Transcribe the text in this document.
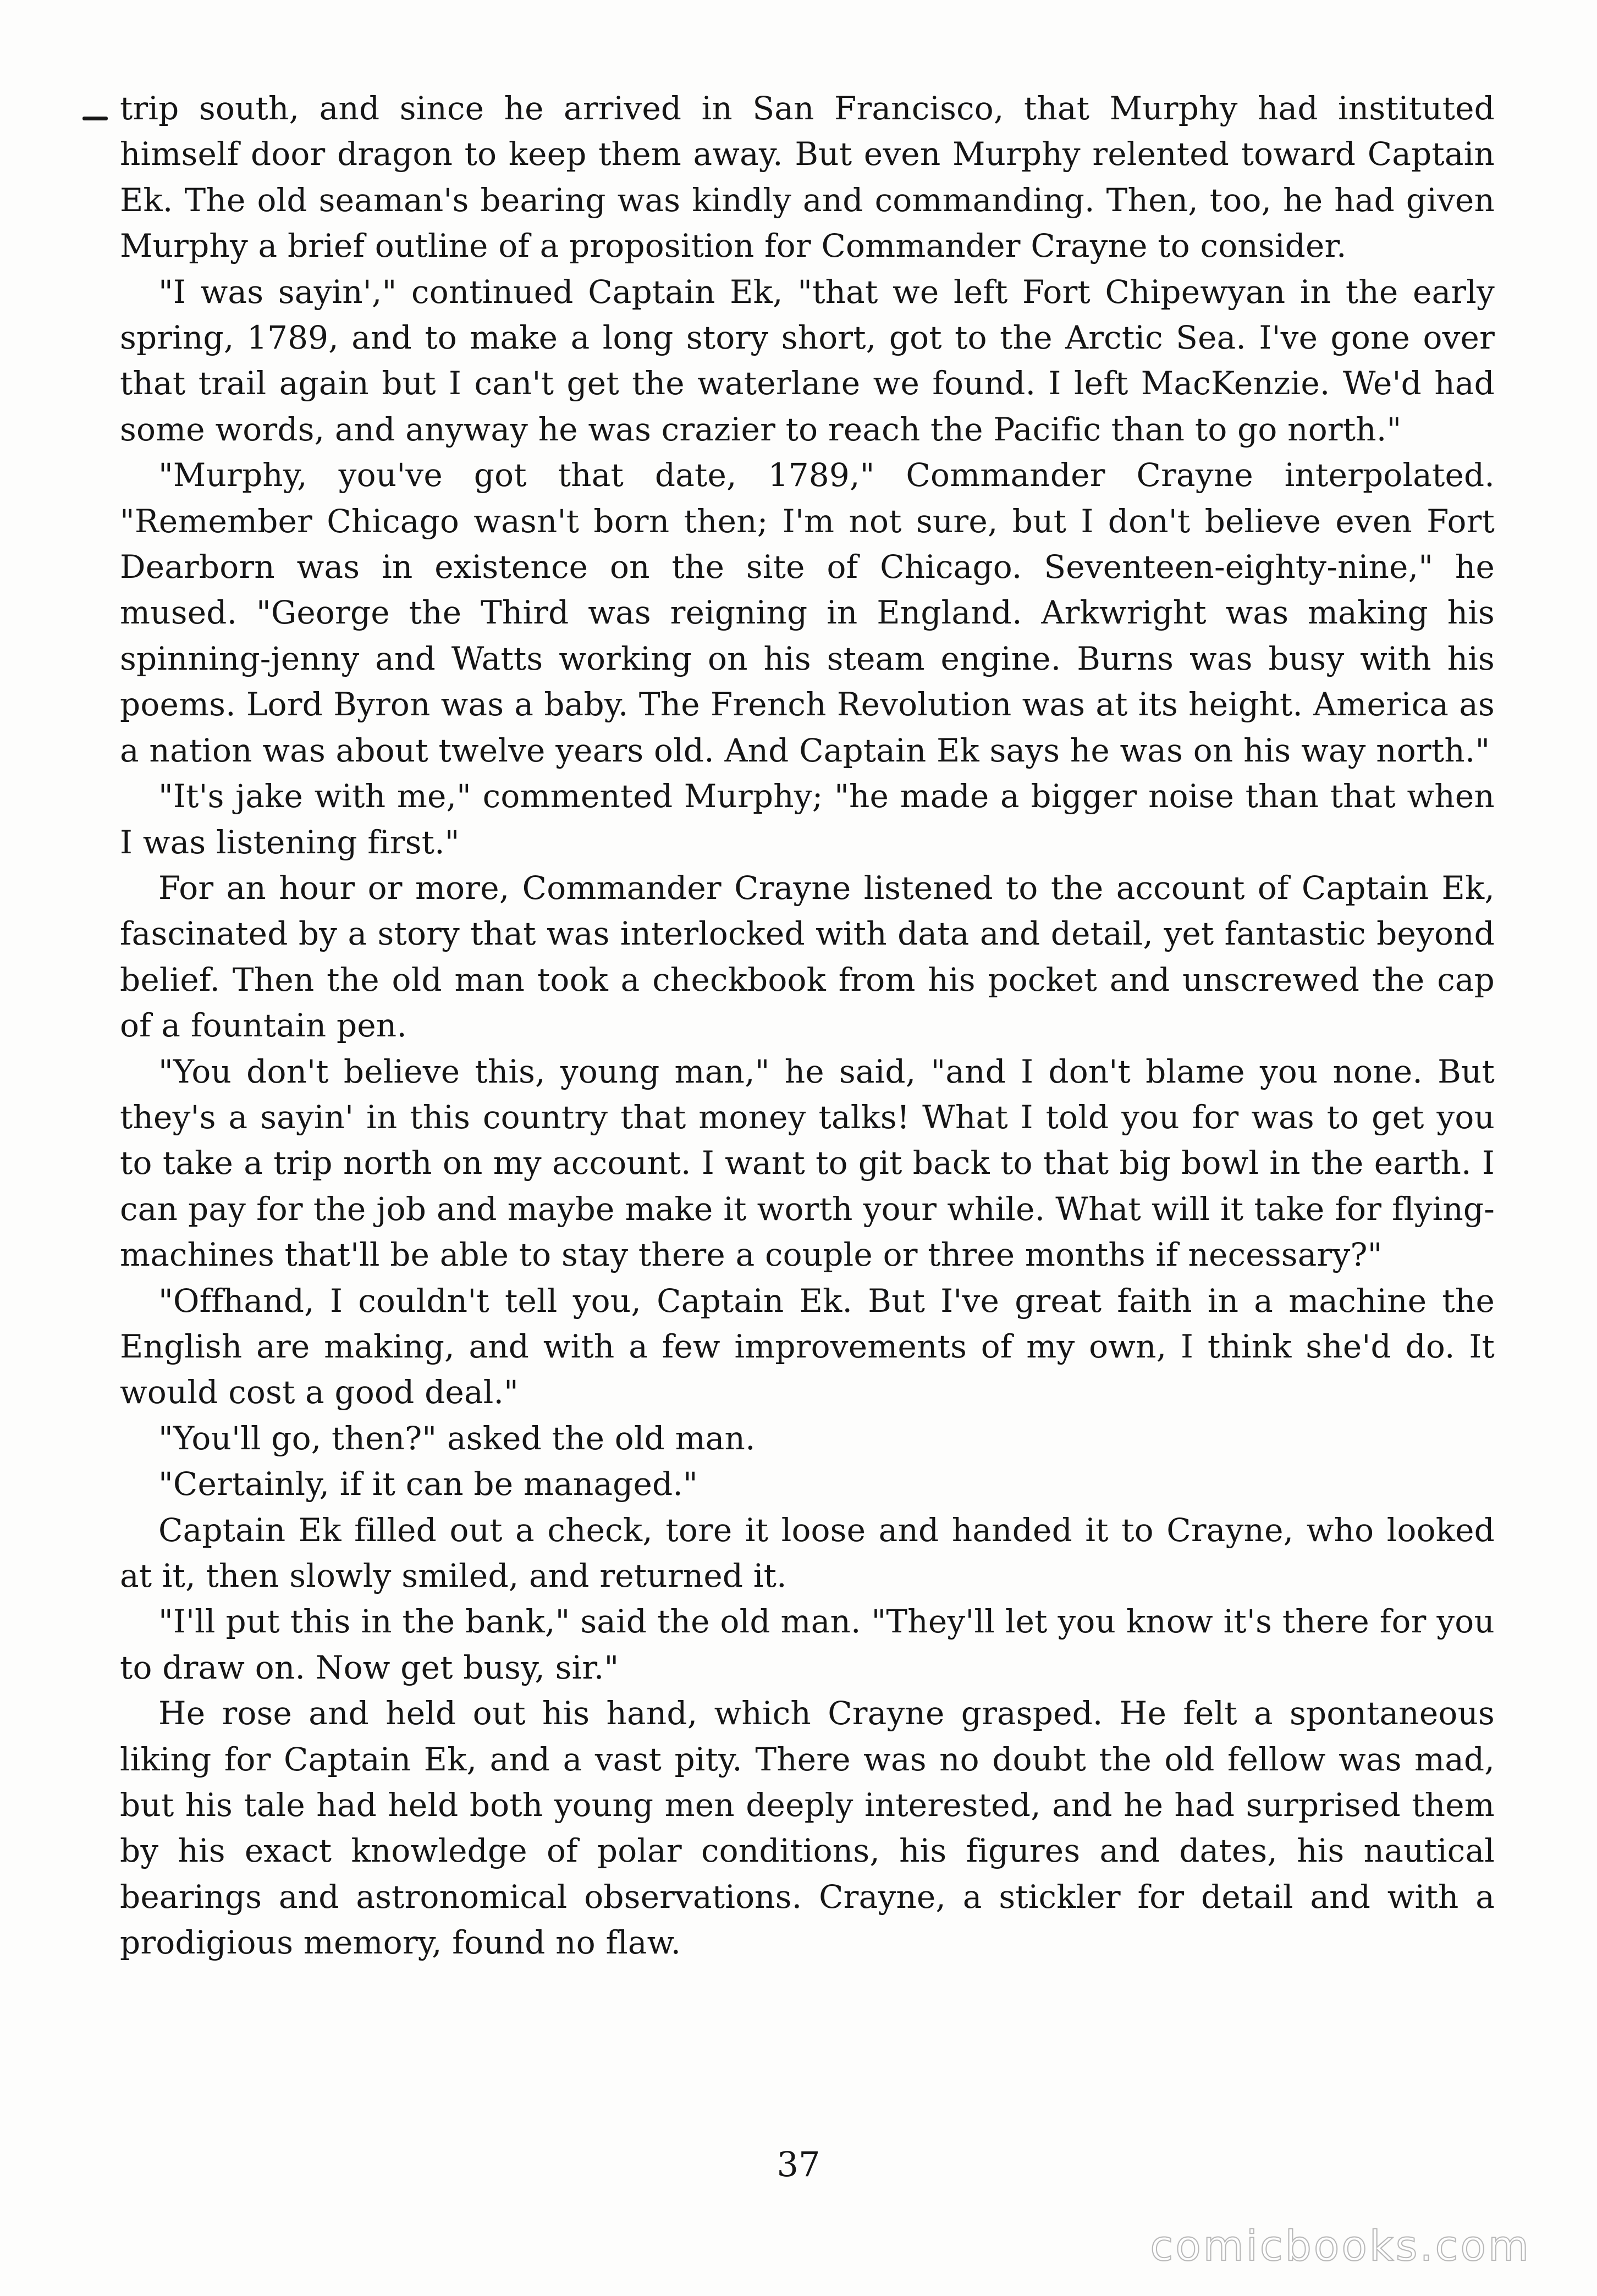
trip south, and since he arrived in San Francisco, that Murphy had instituted himself door dragon to keep them away. But even Murphy relented toward Captain Ek. The old seaman's bearing was kindly and commanding. Then, too, he had given Murphy a brief outline of a proposition for Commander Crayne to consider.

"I was sayin'," continued Captain Ek, "that we left Fort Chipewyan in the early spring, 1789, and to make a long story short, got to the Arctic Sea. I've gone over that trail again but I can't get the waterlane we found. I left MacKenzie. We'd had some words, and anyway he was crazier to reach the Pacific than to go north."

"Murphy, you've got that date, 1789," Commander Crayne interpolated. "Remember Chicago wasn't born then; I'm not sure, but I don't believe even Fort Dearborn was in existence on the site of Chicago. Seventeen-eighty-nine," he mused. "George the Third was reigning in England. Arkwright was making his spinning-jenny and Watts working on his steam engine. Burns was busy with his poems. Lord Byron was a baby. The French Revolution was at its height. America as a nation was about twelve years old. And Captain Ek says he was on his way north."

"It's jake with me," commented Murphy; "he made a bigger noise than that when I was listening first."

For an hour or more, Commander Crayne listened to the account of Captain Ek, fascinated by a story that was interlocked with data and detail, yet fantastic beyond belief. Then the old man took a checkbook from his pocket and unscrewed the cap of a fountain pen.

"You don't believe this, young man," he said, "and I don't blame you none. But they's a sayin' in this country that money talks! What I told you for was to get you to take a trip north on my account. I want to git back to that big bowl in the earth. I can pay for the job and maybe make it worth your while. What will it take for flying-machines that'll be able to stay there a couple or three months if necessary?"

"Offhand, I couldn't tell you, Captain Ek. But I've great faith in a machine the English are making, and with a few improvements of my own, I think she'd do. It would cost a good deal."

"You'll go, then?" asked the old man.

"Certainly, if it can be managed."

Captain Ek filled out a check, tore it loose and handed it to Crayne, who looked at it, then slowly smiled, and returned it.

"I'll put this in the bank," said the old man. "They'll let you know it's there for you to draw on. Now get busy, sir."

He rose and held out his hand, which Crayne grasped. He felt a spontaneous liking for Captain Ek, and a vast pity. There was no doubt the old fellow was mad, but his tale had held both young men deeply interested, and he had surprised them by his exact knowledge of polar conditions, his figures and dates, his nautical bearings and astronomical observations. Crayne, a stickler for detail and with a prodigious memory, found no flaw.

37
comicbooks.com
